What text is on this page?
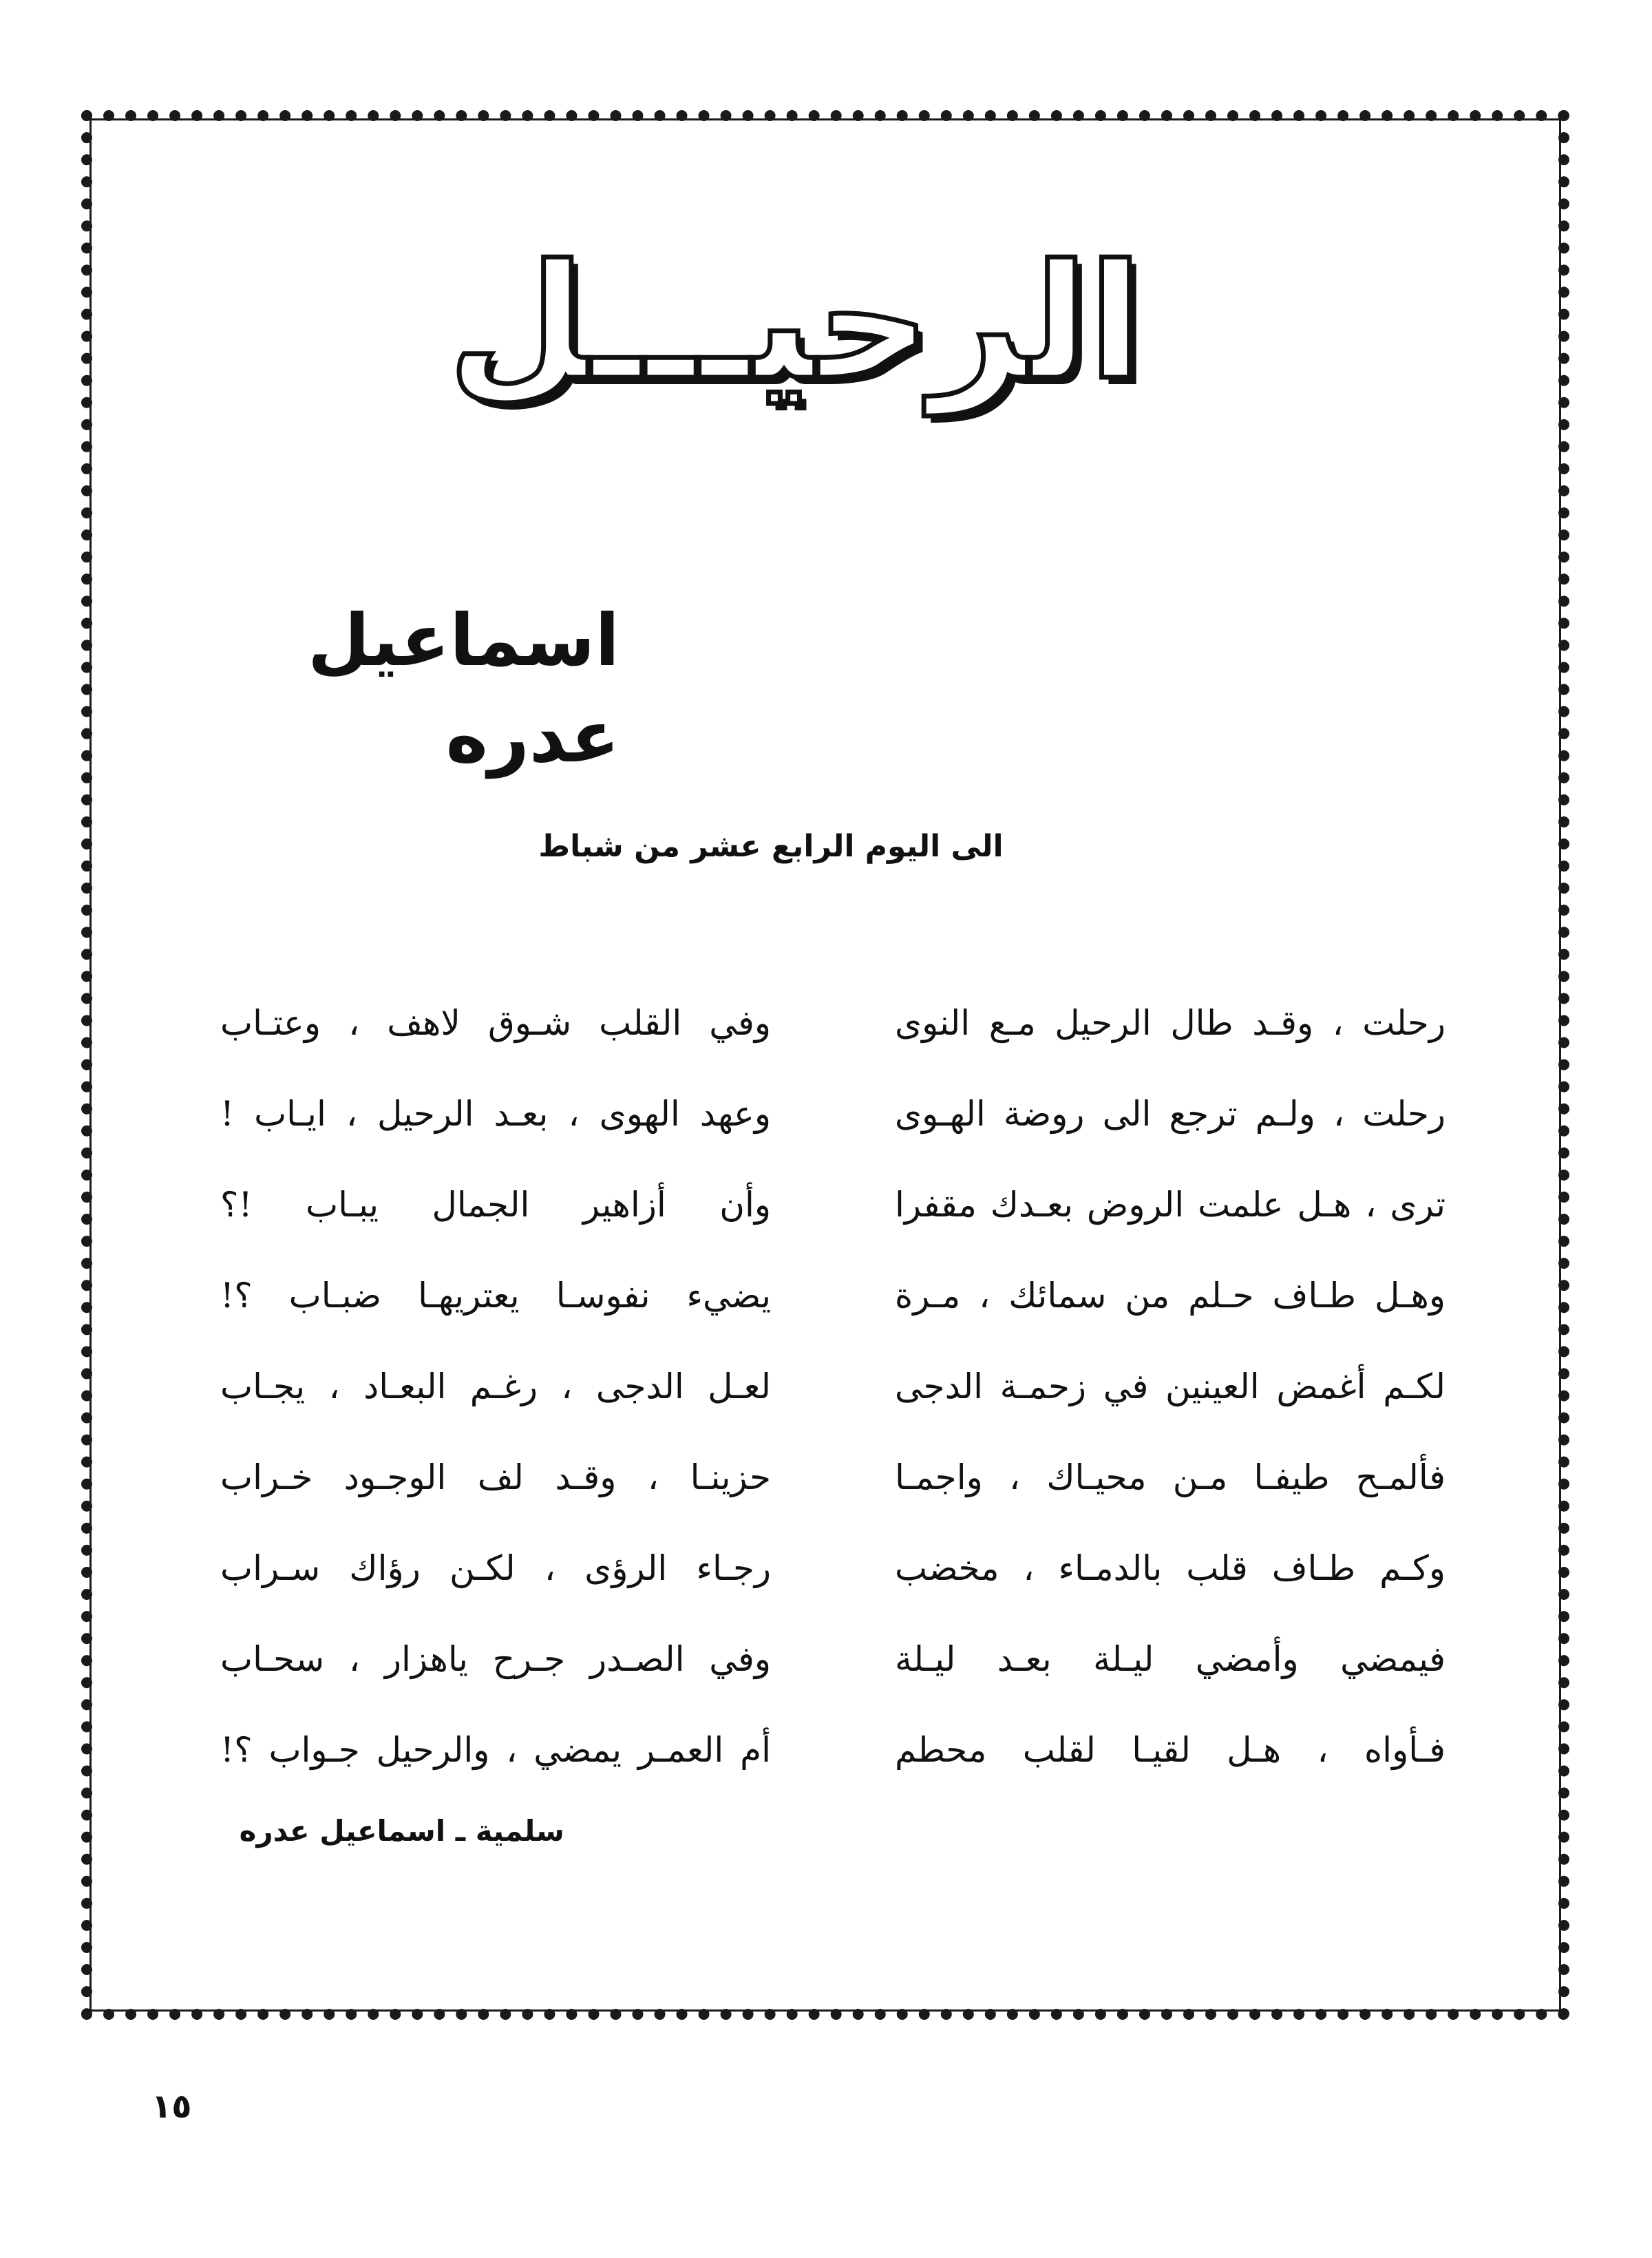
الرحيـــل
اسماعيل عدره
الى اليوم الرابع عشر من شباط
رحلت ، وقـد طال الرحيل مـع النوى
وفي القلب شـوق لاهف ، وعتـاب
رحلت ، ولـم ترجع الى روضة الهـوى
وعهد الهوى ، بعـد الرحيل ، ايـاب !
ترى ، هـل علمت الروض بعـدك مقفرا
وأن أزاهير الجمال يبـاب !؟
وهـل طـاف حـلم من سمائك ، مـرة
يضيء نفوسـا يعتريهـا ضبـاب ؟!
لكـم أغمض العينين في زحمـة الدجى
لعـل الدجى ، رغـم البعـاد ، يجـاب
فألمـح طيفـا مـن محيـاك ، واجمـا
حزينـا ، وقـد لف الوجـود خـراب
وكـم طـاف قلب بالدمـاء ، مخضب
رجـاء الرؤى ، لكـن رؤاك سـراب
فيمضي وأمضي ليـلة بعـد ليـلة
وفي الصـدر جـرح ياهزار ، سحـاب
فـأواه ، هـل لقيـا لقلب محطم
أم العمـر يمضي ، والرحيل جـواب ؟!
سلمية ـ اسماعيل عدره
١٥
